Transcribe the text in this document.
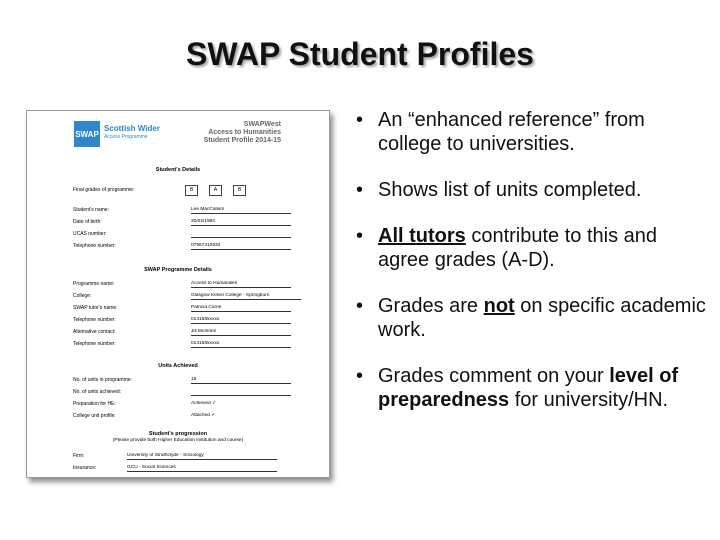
SWAP Student Profiles
SWAP
Scottish Wider
Access Programme
SWAPWest
Access to Humanities
Student Profile 2014-15
Student's Details
Final grades of programme:	B	A	B
Student's name:	Lee MacCallum
Date of birth:	20/02/1982
UCAS number:
Telephone number:	07967310934
SWAP Programme Details
Programme name:	Access to Humanities
College:	Glasgow Kelvin College - Springburn
SWAP tutor's name:	Patricia Currie
Telephone number:	0141555xxxx
Alternative contact:	Jill McInnes
Telephone number:	0141555xxxx
Units Achieved
No. of units in programme:	18
No. of units achieved:
Preparation for HE:	Achieved ✓
College unit profile:	Attached ✓
Student's progression
(Please provide both Higher Education institution and course)
Firm:	University of Strathclyde - Sociology
Insurance:	GCU - Social Sciences
• An “enhanced reference” from college to universities.
• Shows list of units completed.
• All tutors contribute to this and agree grades (A-D).
• Grades are not on specific academic work.
• Grades comment on your level of preparedness for university/HN.
